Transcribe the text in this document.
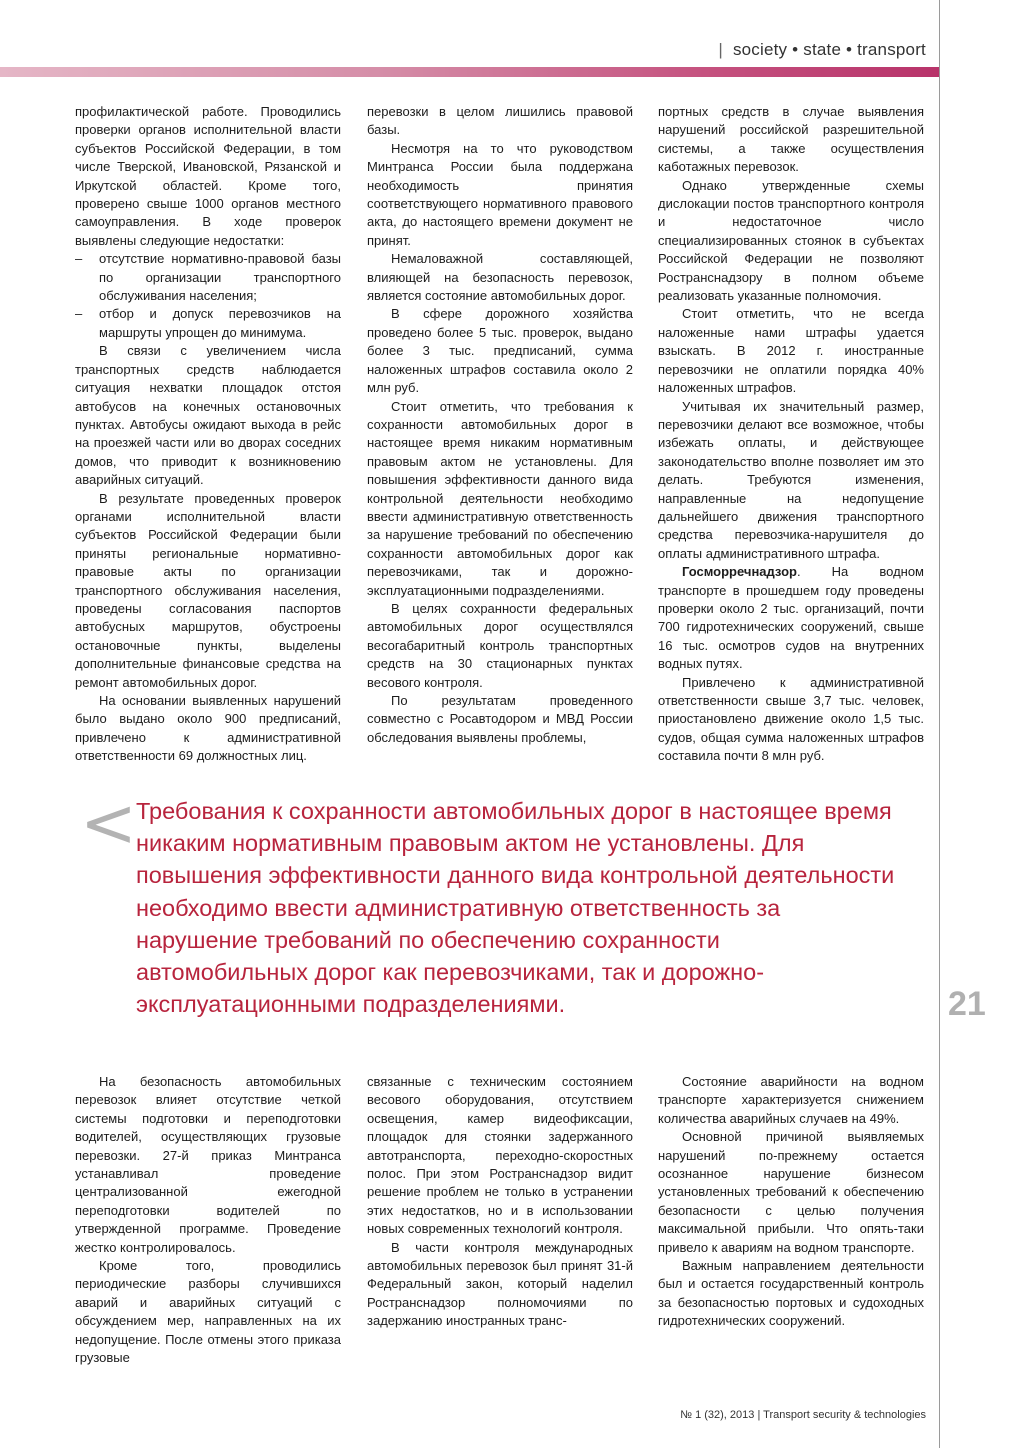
| society • state • transport

профилактической работе. Проводились проверки органов исполнительной власти субъектов Российской Федерации, в том числе Тверской, Ивановской, Рязанской и Иркутской областей. Кроме того, проверено свыше 1000 органов местного самоуправления. В ходе проверок выявлены следующие недостатки:

– отсутствие нормативно-правовой базы по организации транспортного обслуживания населения;

– отбор и допуск перевозчиков на маршруты упрощен до минимума.

В связи с увеличением числа транспортных средств наблюдается ситуация нехватки площадок отстоя автобусов на конечных остановочных пунктах. Автобусы ожидают выхода в рейс на проезжей части или во дворах соседних домов, что приводит к возникновению аварийных ситуаций.

В результате проведенных проверок органами исполнительной власти субъектов Российской Федерации были приняты региональные нормативно-правовые акты по организации транспортного обслуживания населения, проведены согласования паспортов автобусных маршрутов, обустроены остановочные пункты, выделены дополнительные финансовые средства на ремонт автомобильных дорог.

На основании выявленных нарушений было выдано около 900 предписаний, привлечено к административной ответственности 69 должностных лиц.

перевозки в целом лишились правовой базы.

Несмотря на то что руководством Минтранса России была поддержана необходимость принятия соответствующего нормативного правового акта, до настоящего времени документ не принят.

Немаловажной составляющей, влияющей на безопасность перевозок, является состояние автомобильных дорог.

В сфере дорожного хозяйства проведено более 5 тыс. проверок, выдано более 3 тыс. предписаний, сумма наложенных штрафов составила около 2 млн руб.

Стоит отметить, что требования к сохранности автомобильных дорог в настоящее время никаким нормативным правовым актом не установлены. Для повышения эффективности данного вида контрольной деятельности необходимо ввести административную ответственность за нарушение требований по обеспечению сохранности автомобильных дорог как перевозчиками, так и дорожно-эксплуатационными подразделениями.

В целях сохранности федеральных автомобильных дорог осуществлялся весогабаритный контроль транспортных средств на 30 стационарных пунктах весового контроля.

По результатам проведенного совместно с Росавтодором и МВД России обследования выявлены проблемы,

портных средств в случае выявления нарушений российской разрешительной системы, а также осуществления каботажных перевозок.

Однако утвержденные схемы дислокации постов транспортного контроля и недостаточное число специализированных стоянок в субъектах Российской Федерации не позволяют Ространснадзору в полном объеме реализовать указанные полномочия.

Стоит отметить, что не всегда наложенные нами штрафы удается взыскать. В 2012 г. иностранные перевозчики не оплатили порядка 40% наложенных штрафов.

Учитывая их значительный размер, перевозчики делают все возможное, чтобы избежать оплаты, и действующее законодательство вполне позволяет им это делать. Требуются изменения, направленные на недопущение дальнейшего движения транспортного средства перевозчика-нарушителя до оплаты административного штрафа.

Госморречнадзор. На водном транспорте в прошедшем году проведены проверки около 2 тыс. организаций, почти 700 гидротехнических сооружений, свыше 16 тыс. осмотров судов на внутренних водных путях.

Привлечено к административной ответственности свыше 3,7 тыс. человек, приостановлено движение около 1,5 тыс. судов, общая сумма наложенных штрафов составила почти 8 млн руб.

< Требования к сохранности автомобильных дорог в настоящее время никаким нормативным правовым актом не установлены. Для повышения эффективности данного вида контрольной деятельности необходимо ввести административную ответственность за нарушение требований по обеспечению сохранности автомобильных дорог как перевозчиками, так и дорожно-эксплуатационными подразделениями.

На безопасность автомобильных перевозок влияет отсутствие четкой системы подготовки и переподготовки водителей, осуществляющих грузовые перевозки. 27-й приказ Минтранса устанавливал проведение централизованной ежегодной переподготовки водителей по утвержденной программе. Проведение жестко контролировалось.

Кроме того, проводились периодические разборы случившихся аварий и аварийных ситуаций с обсуждением мер, направленных на их недопущение. После отмены этого приказа грузовые

связанные с техническим состоянием весового оборудования, отсутствием освещения, камер видеофиксации, площадок для стоянки задержанного автотранспорта, переходно-скоростных полос. При этом Ространснадзор видит решение проблем не только в устранении этих недостатков, но и в использовании новых современных технологий контроля.

В части контроля международных автомобильных перевозок был принят 31-й Федеральный закон, который наделил Ространснадзор полномочиями по задержанию иностранных транс-

Состояние аварийности на водном транспорте характеризуется снижением количества аварийных случаев на 49%.

Основной причиной выявляемых нарушений по-прежнему остается осознанное нарушение бизнесом установленных требований к обеспечению безопасности с целью получения максимальной прибыли. Что опять-таки привело к авариям на водном транспорте.

Важным направлением деятельности был и остается государственный контроль за безопасностью портовых и судоходных гидротехнических сооружений.

21
№ 1 (32), 2013 | Transport security & technologies
